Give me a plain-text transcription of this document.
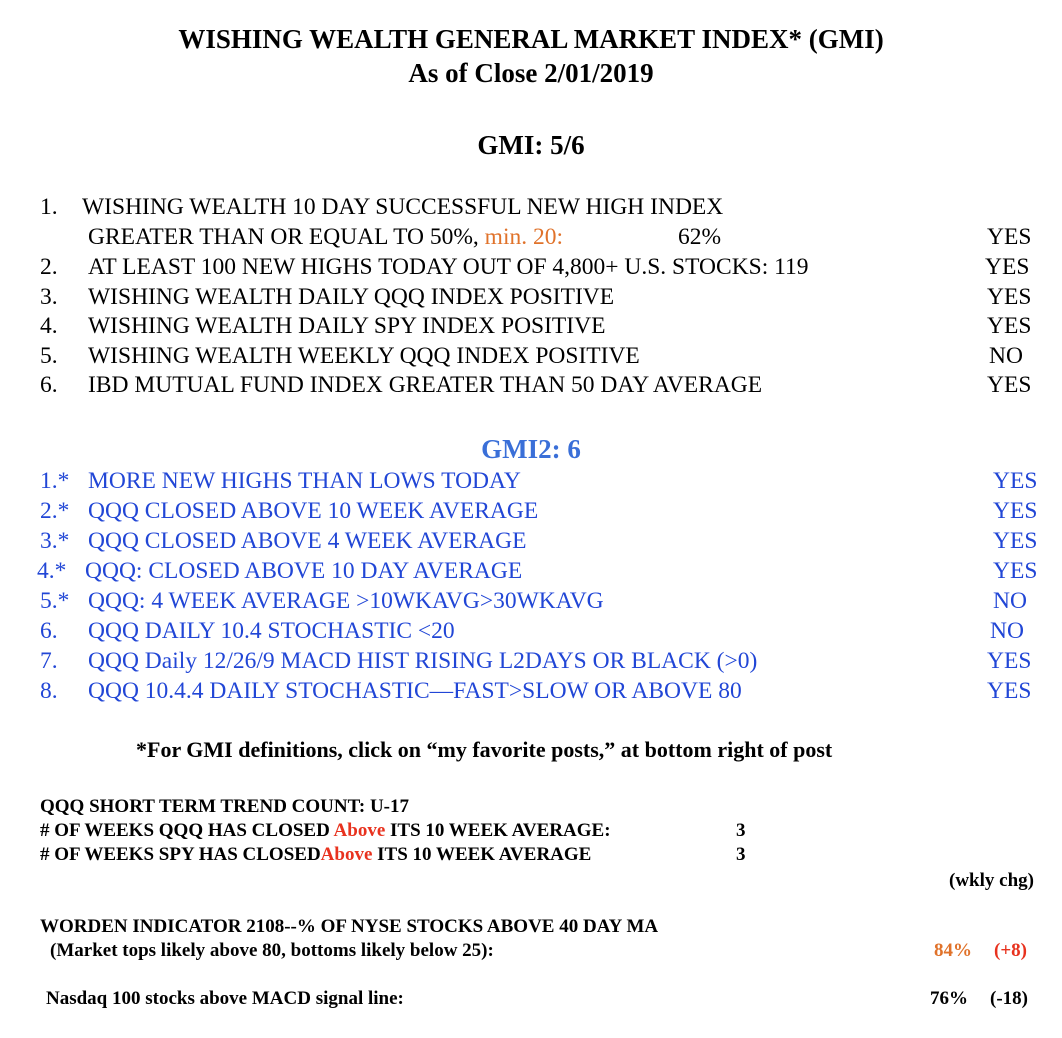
WISHING WEALTH GENERAL MARKET INDEX* (GMI)
As of Close 2/01/2019
GMI: 5/6
1. WISHING WEALTH 10 DAY SUCCESSFUL NEW HIGH INDEX
GREATER THAN OR EQUAL TO 50%, min. 20:	62%	YES
2. AT LEAST 100 NEW HIGHS TODAY OUT OF 4,800+ U.S. STOCKS: 119	YES
3. WISHING WEALTH DAILY QQQ INDEX POSITIVE	YES
4. WISHING WEALTH DAILY SPY INDEX POSITIVE	YES
5. WISHING WEALTH WEEKLY QQQ INDEX POSITIVE	NO
6. IBD MUTUAL FUND INDEX GREATER THAN 50 DAY AVERAGE	YES
GMI2: 6
1.* MORE NEW HIGHS THAN LOWS TODAY	YES
2.* QQQ CLOSED ABOVE 10 WEEK AVERAGE	YES
3.* QQQ CLOSED ABOVE 4 WEEK AVERAGE	YES
4.* QQQ: CLOSED ABOVE 10 DAY AVERAGE	YES
5.* QQQ: 4 WEEK AVERAGE >10WKAVG>30WKAVG	NO
6. QQQ DAILY 10.4 STOCHASTIC <20	NO
7. QQQ Daily 12/26/9 MACD HIST RISING L2DAYS OR BLACK (>0)	YES
8. QQQ 10.4.4 DAILY STOCHASTIC—FAST>SLOW OR ABOVE 80	YES
*For GMI definitions, click on “my favorite posts,” at bottom right of post
QQQ SHORT TERM TREND COUNT: U-17
# OF WEEKS QQQ HAS CLOSED Above ITS 10 WEEK AVERAGE:	3
# OF WEEKS SPY HAS CLOSEDAbove ITS 10 WEEK AVERAGE	3
(wkly chg)
WORDEN INDICATOR 2108--% OF NYSE STOCKS ABOVE 40 DAY MA
(Market tops likely above 80, bottoms likely below 25):	84% (+8)
Nasdaq 100 stocks above MACD signal line:	76% (-18)
